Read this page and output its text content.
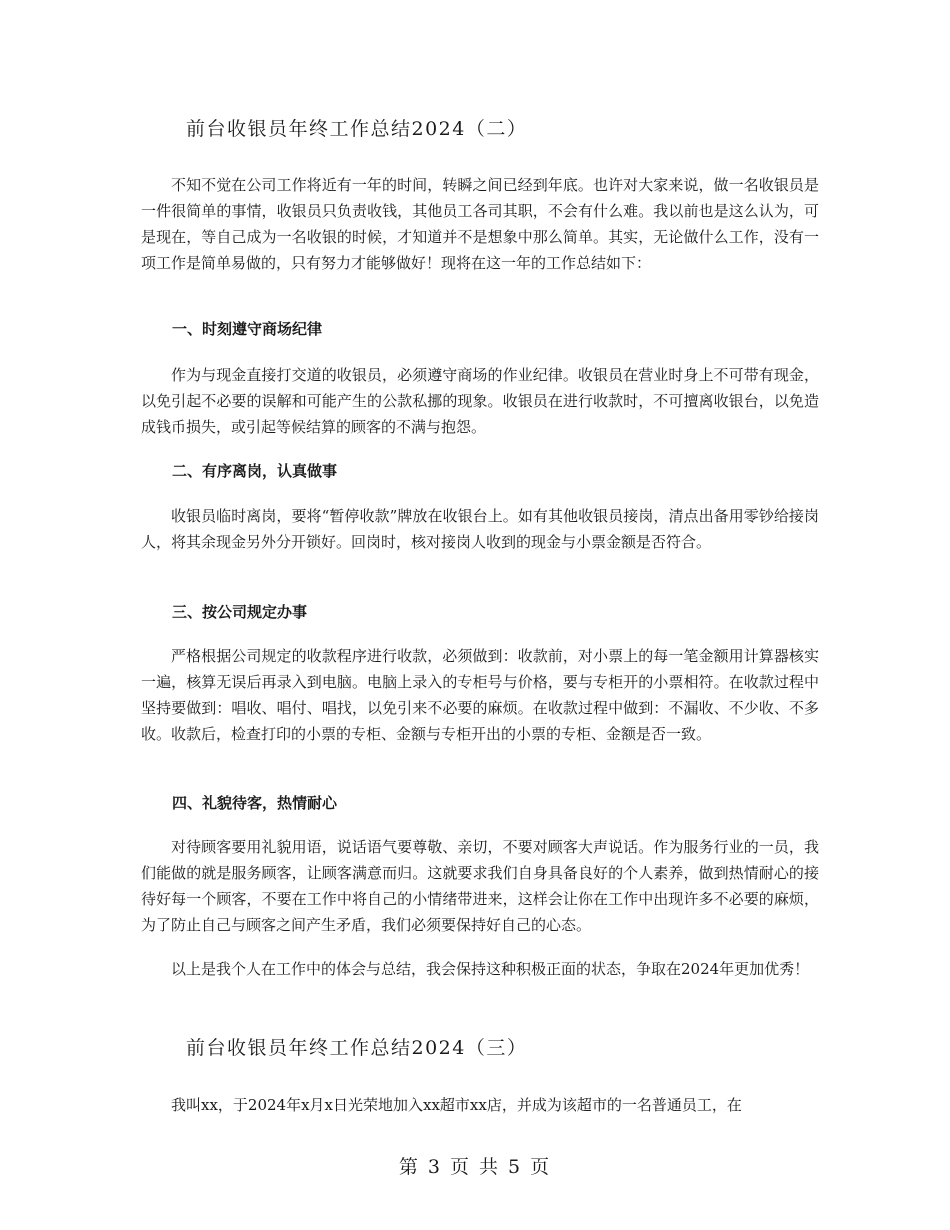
前台收银员年终工作总结2024（二）

不知不觉在公司工作将近有一年的时间，转瞬之间已经到年底。也许对大家来说，做一名收银员是一件很简单的事情，收银员只负责收钱，其他员工各司其职，不会有什么难。我以前也是这么认为，可是现在，等自己成为一名收银的时候，才知道并不是想象中那么简单。其实，无论做什么工作，没有一项工作是简单易做的，只有努力才能够做好！现将在这一年的工作总结如下：

一、时刻遵守商场纪律

作为与现金直接打交道的收银员，必须遵守商场的作业纪律。收银员在营业时身上不可带有现金，以免引起不必要的误解和可能产生的公款私挪的现象。收银员在进行收款时，不可擅离收银台，以免造成钱币损失，或引起等候结算的顾客的不满与抱怨。

二、有序离岗，认真做事

收银员临时离岗，要将“暂停收款”牌放在收银台上。如有其他收银员接岗，清点出备用零钞给接岗人，将其余现金另外分开锁好。回岗时，核对接岗人收到的现金与小票金额是否符合。

三、按公司规定办事

严格根据公司规定的收款程序进行收款，必须做到：收款前，对小票上的每一笔金额用计算器核实一遍，核算无误后再录入到电脑。电脑上录入的专柜号与价格，要与专柜开的小票相符。在收款过程中坚持要做到：唱收、唱付、唱找，以免引来不必要的麻烦。在收款过程中做到：不漏收、不少收、不多收。收款后，检查打印的小票的专柜、金额与专柜开出的小票的专柜、金额是否一致。

四、礼貌待客，热情耐心

对待顾客要用礼貌用语，说话语气要尊敬、亲切，不要对顾客大声说话。作为服务行业的一员，我们能做的就是服务顾客，让顾客满意而归。这就要求我们自身具备良好的个人素养，做到热情耐心的接待好每一个顾客，不要在工作中将自己的小情绪带进来，这样会让你在工作中出现许多不必要的麻烦，为了防止自己与顾客之间产生矛盾，我们必须要保持好自己的心态。

以上是我个人在工作中的体会与总结，我会保持这种积极正面的状态，争取在2024年更加优秀！

前台收银员年终工作总结2024（三）

我叫xx，于2024年x月x日光荣地加入xx超市xx店，并成为该超市的一名普通员工，在

第 3 页 共 5 页
